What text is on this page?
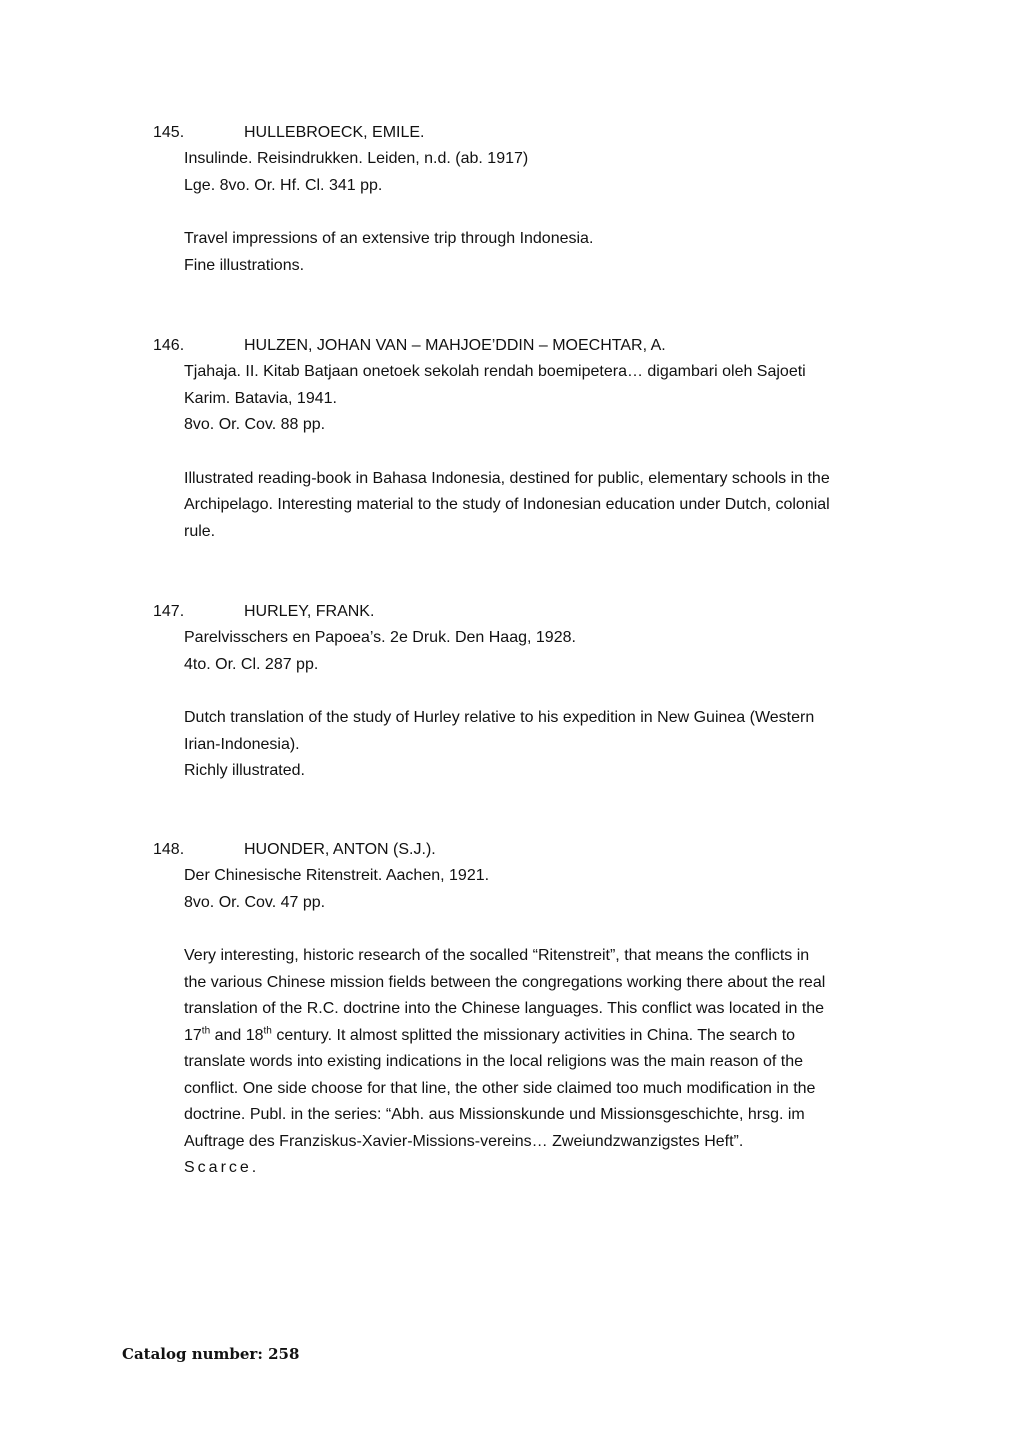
145.	HULLEBROECK, EMILE.
Insulinde. Reisindrukken. Leiden, n.d. (ab. 1917)
Lge. 8vo. Or. Hf. Cl. 341 pp.
Travel impressions of an extensive trip through Indonesia.
Fine illustrations.
146.	HULZEN, JOHAN VAN – MAHJOE’DDIN – MOECHTAR, A.
Tjahaja. II. Kitab Batjaan onetoek sekolah rendah boemipetera… digambari oleh Sajoeti
Karim. Batavia, 1941.
8vo. Or. Cov. 88 pp.
Illustrated reading-book in Bahasa Indonesia, destined for public, elementary schools in the
Archipelago. Interesting material to the study of Indonesian education under Dutch, colonial
rule.
147.	HURLEY, FRANK.
Parelvisschers en Papoea’s. 2e Druk. Den Haag, 1928.
4to. Or. Cl. 287 pp.
Dutch translation of the study of Hurley relative to his expedition in New Guinea (Western
Irian-Indonesia).
Richly illustrated.
148.	HUONDER, ANTON (S.J.).
Der Chinesische Ritenstreit. Aachen, 1921.
8vo. Or. Cov. 47 pp.
Very interesting, historic research of the socalled “Ritenstreit”, that means the conflicts in
the various Chinese mission fields between the congregations working there about the real
translation of the R.C. doctrine into the Chinese languages. This conflict was located in the
17th and 18th century. It almost splitted the missionary activities in China. The search to
translate words into existing indications in the local religions was the main reason of the
conflict. One side choose for that line, the other side claimed too much modification in the
doctrine. Publ. in the series: “Abh. aus Missionskunde und Missionsgeschichte, hrsg. im
Auftrage des Franziskus-Xavier-Missions-vereins… Zweiundzwanzigstes Heft”.
Scarce.
Catalog number: 258
